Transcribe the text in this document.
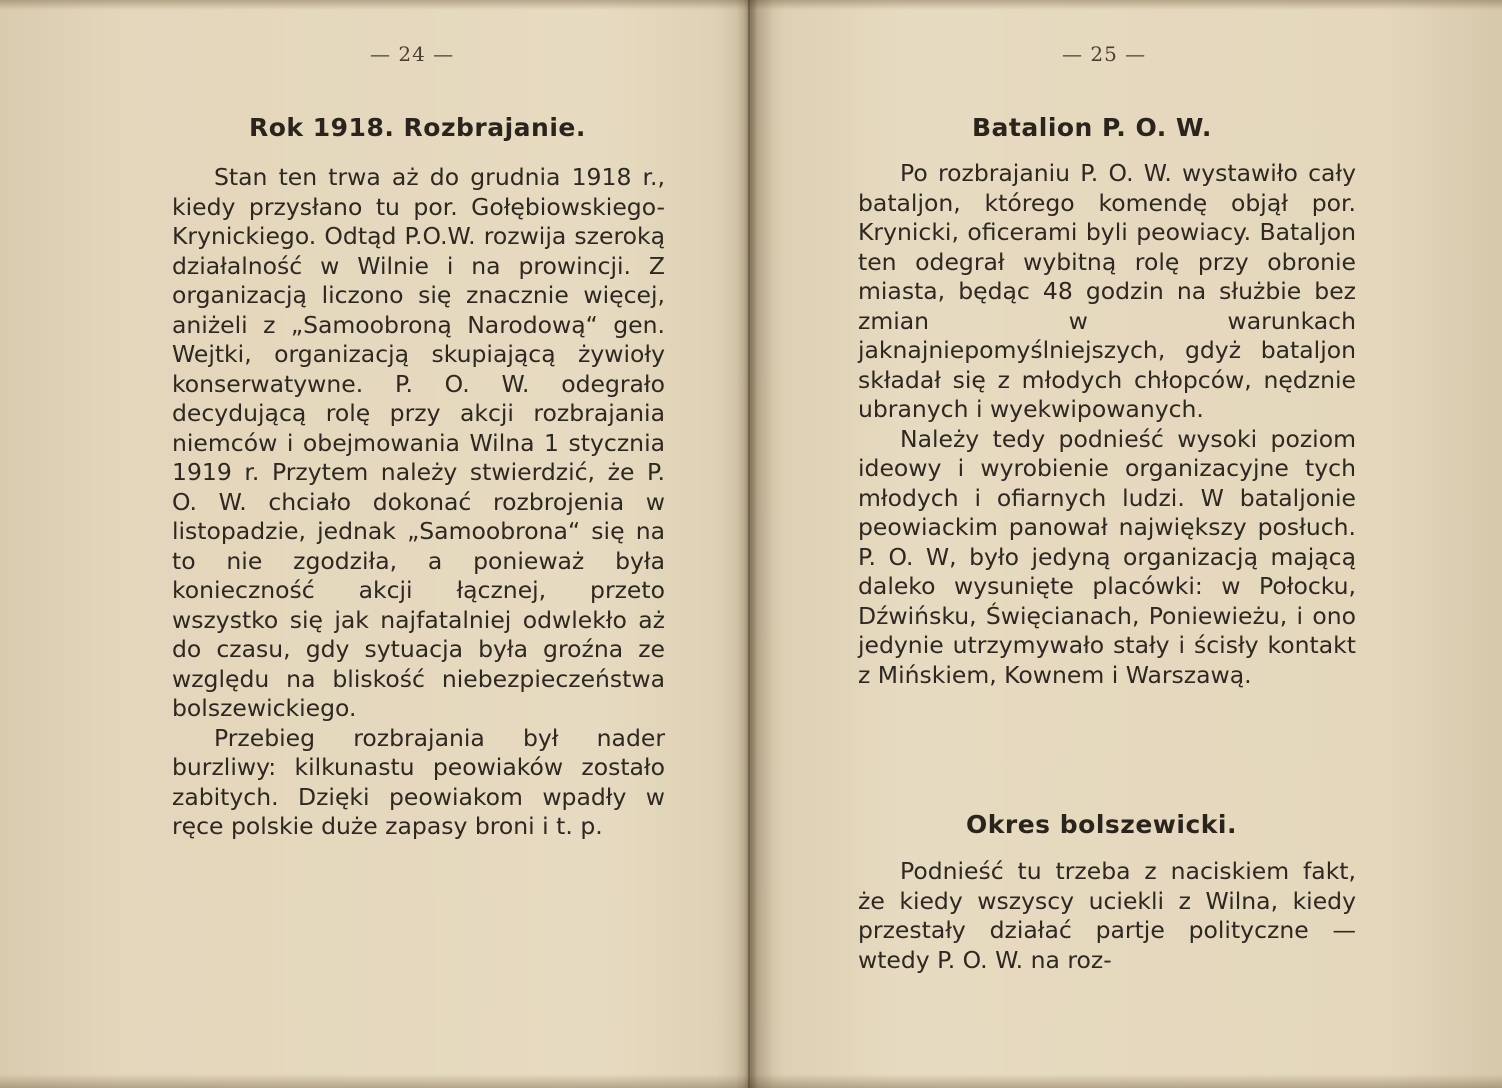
— 24 —
Rok 1918. Rozbrajanie.

Stan ten trwa aż do grudnia 1918 r., kiedy przysłano tu por. Gołębiowskiego-Krynickiego. Odtąd P.O.W. rozwija szeroką działalność w Wilnie i na prowincji. Z organizacją liczono się znacznie więcej, aniżeli z „Samoobroną Narodową“ gen. Wejtki, organizacją skupiającą żywioły konserwatywne. P. O. W. odegrało decydującą rolę przy akcji rozbrajania niemców i obejmowania Wilna 1 stycznia 1919 r. Przytem należy stwierdzić, że P. O. W. chciało dokonać rozbrojenia w listopadzie, jednak „Samoobrona“ się na to nie zgodziła, a ponieważ była konieczność akcji łącznej, przeto wszystko się jak najfatalniej odwlekło aż do czasu, gdy sytuacja była groźna ze względu na bliskość niebezpieczeństwa bolszewickiego.

Przebieg rozbrajania był nader burzliwy: kilkunastu peowiaków zostało zabitych. Dzięki peowiakom wpadły w ręce polskie duże zapasy broni i t. p.

— 25 —
Batalion P. O. W.

Po rozbrajaniu P. O. W. wystawiło cały bataljon, którego komendę objął por. Krynicki, oficerami byli peowiacy. Bataljon ten odegrał wybitną rolę przy obronie miasta, będąc 48 godzin na służbie bez zmian w warunkach jaknajniepomyślniejszych, gdyż bataljon składał się z młodych chłopców, nędznie ubranych i wyekwipowanych.

Należy tedy podnieść wysoki poziom ideowy i wyrobienie organizacyjne tych młodych i ofiarnych ludzi. W bataljonie peowiackim panował największy posłuch. P. O. W, było jedyną organizacją mającą daleko wysunięte placówki: w Połocku, Dźwińsku, Święcianach, Poniewieżu, i ono jedynie utrzymywało stały i ścisły kontakt z Mińskiem, Kownem i Warszawą.

Okres bolszewicki.

Podnieść tu trzeba z naciskiem fakt, że kiedy wszyscy uciekli z Wilna, kiedy przestały działać partje polityczne — wtedy P. O. W. na roz-
